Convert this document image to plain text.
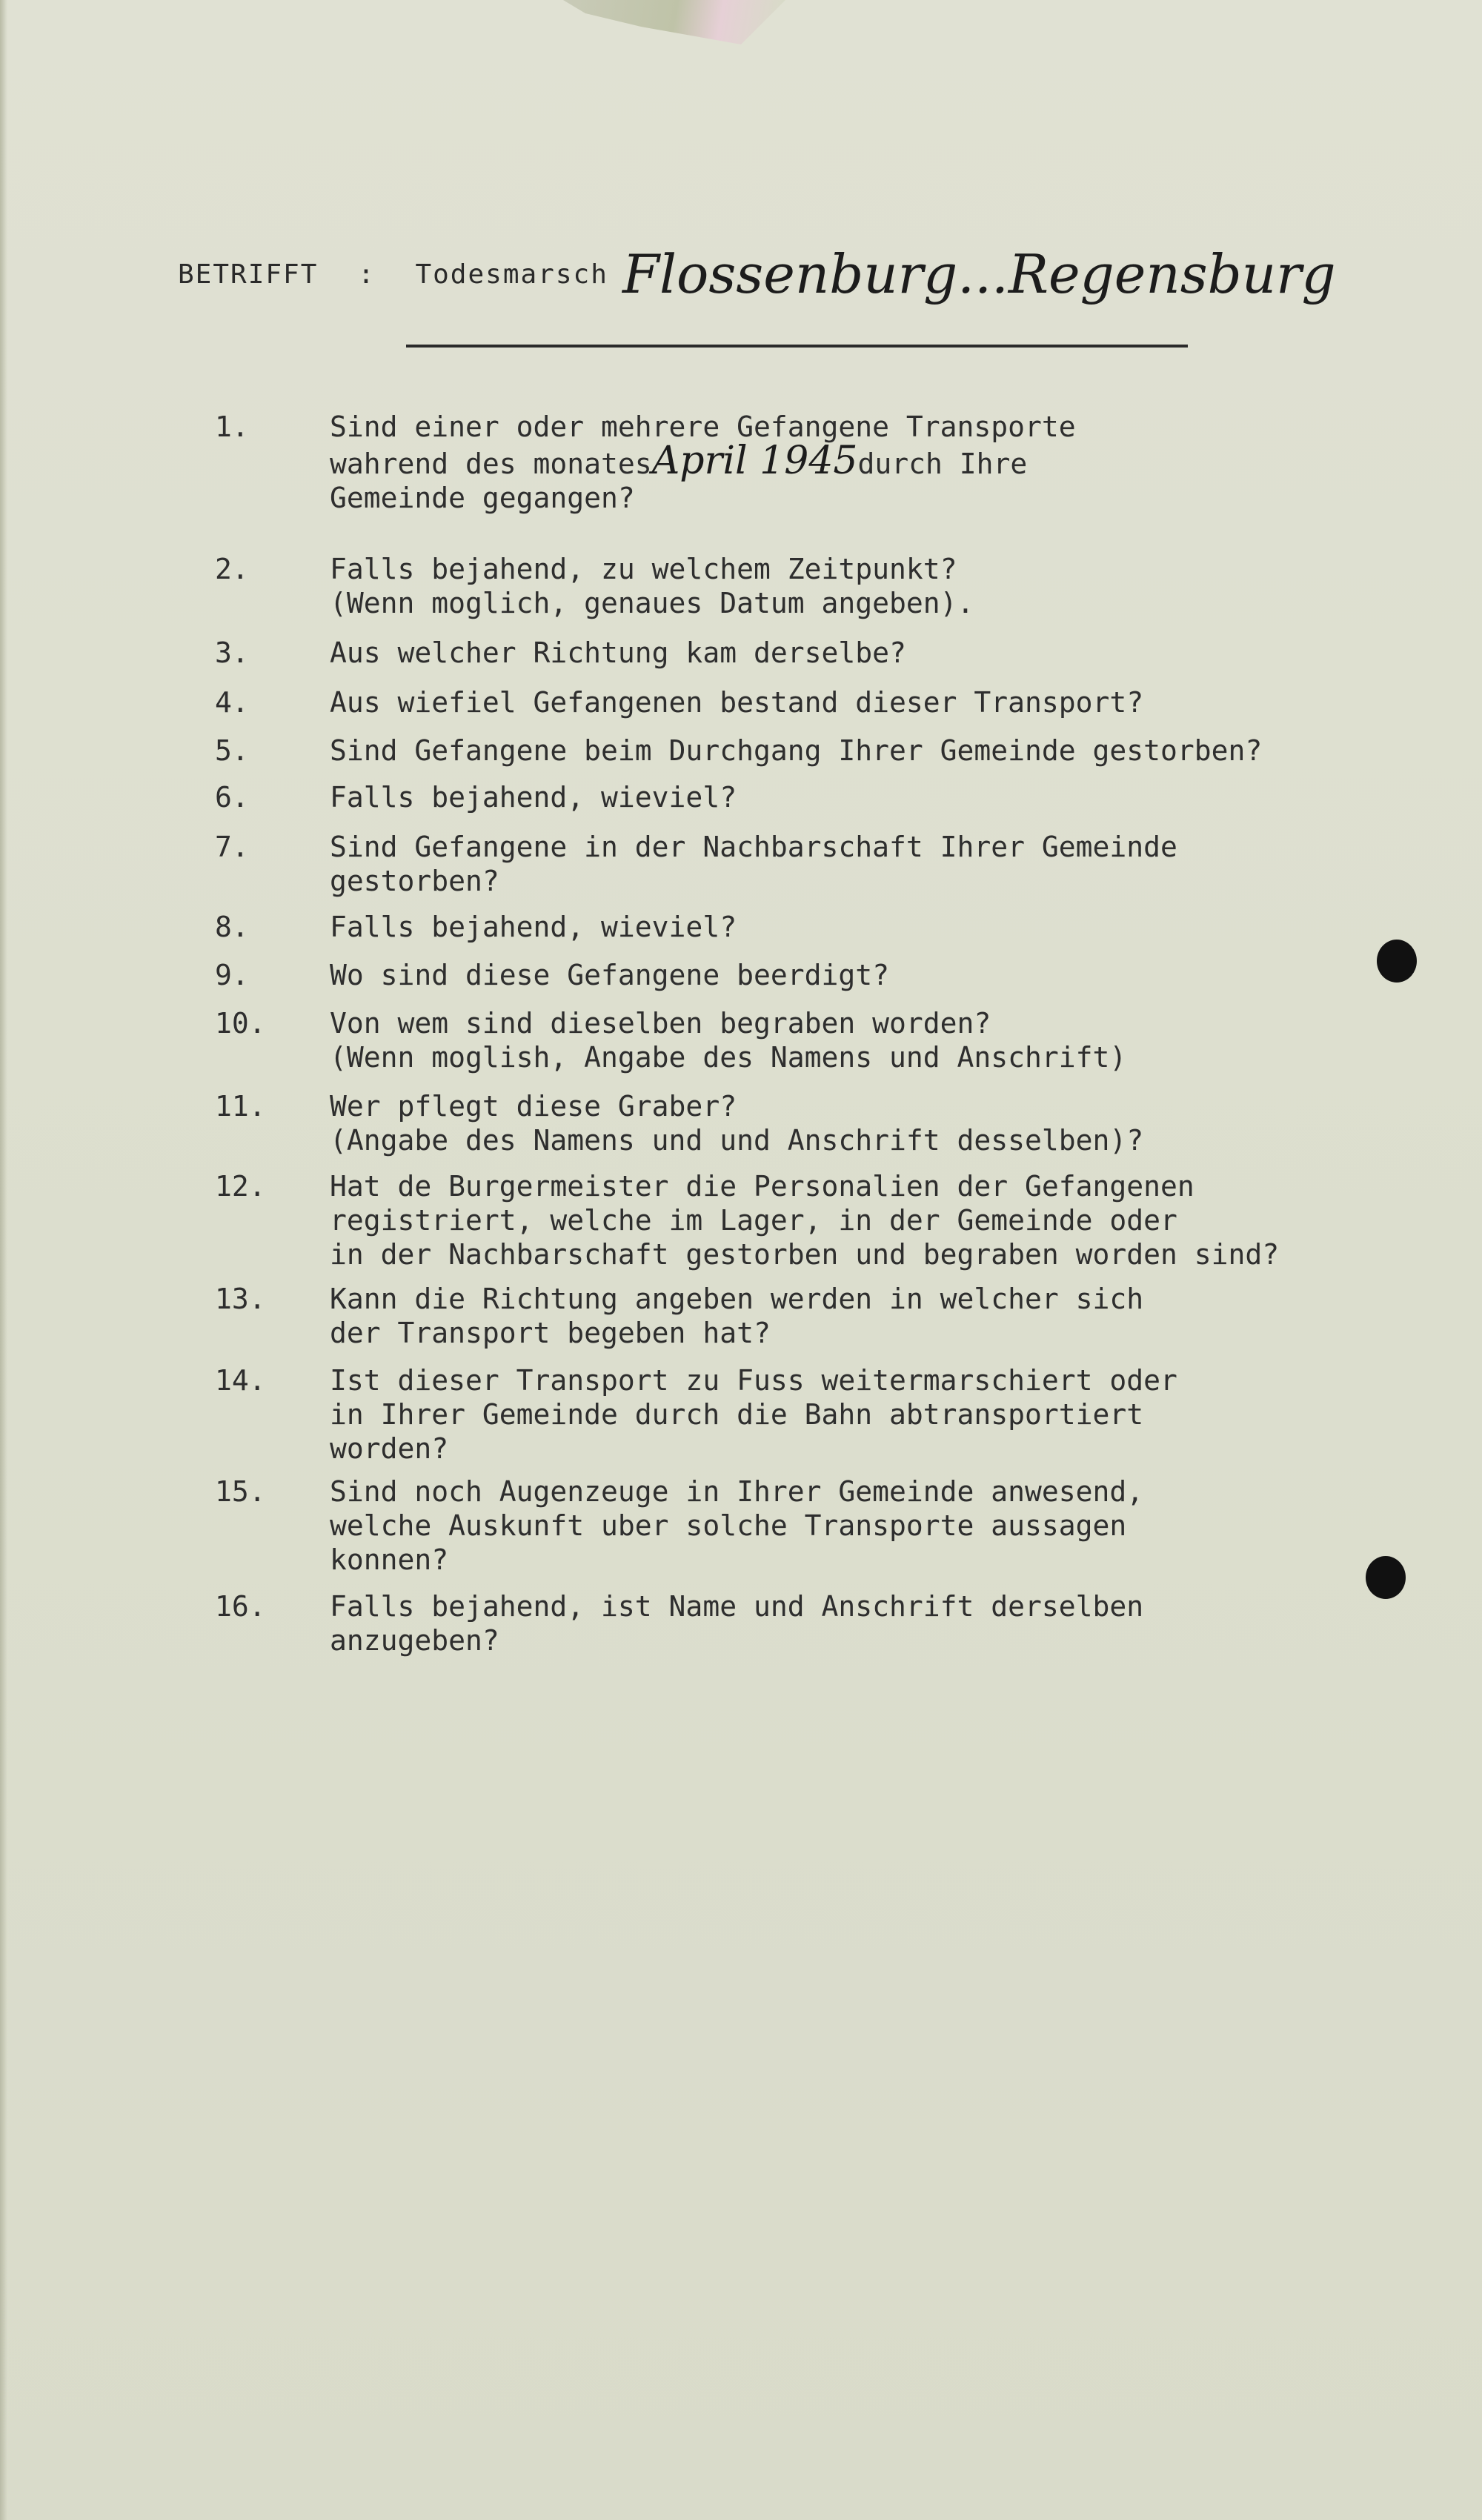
BETRIFFT : Todesmarsch Flossenburg...Regensburg

1.

	Sind einer oder mehrere Gefangene Transporte
wahrend des monatesApril 1945durch Ihre
Gemeinde gegangen?

2.

	Falls bejahend, zu welchem Zeitpunkt?
(Wenn moglich, genaues Datum angeben).

3.

	Aus welcher Richtung kam derselbe?

4.

	Aus wiefiel Gefangenen bestand dieser Transport?

5.

	Sind Gefangene beim Durchgang Ihrer Gemeinde gestorben?

6.

	Falls bejahend, wieviel?

7.

	Sind Gefangene in der Nachbarschaft Ihrer Gemeinde
gestorben?

8.

	Falls bejahend, wieviel?

9.

	Wo sind diese Gefangene beerdigt?

10.

	Von wem sind dieselben begraben worden?
(Wenn moglish, Angabe des Namens und Anschrift)

11.

	Wer pflegt diese Graber?
(Angabe des Namens und und Anschrift desselben)?

12.

	Hat de Burgermeister die Personalien der Gefangenen
registriert, welche im Lager, in der Gemeinde oder
in der Nachbarschaft gestorben und begraben worden sind?

13.

	Kann die Richtung angeben werden in welcher sich
der Transport begeben hat?

14.

	Ist dieser Transport zu Fuss weitermarschiert oder
in Ihrer Gemeinde durch die Bahn abtransportiert
worden?

15.

	Sind noch Augenzeuge in Ihrer Gemeinde anwesend,
welche Auskunft uber solche Transporte aussagen
konnen?

16.

	Falls bejahend, ist Name und Anschrift derselben
anzugeben?
